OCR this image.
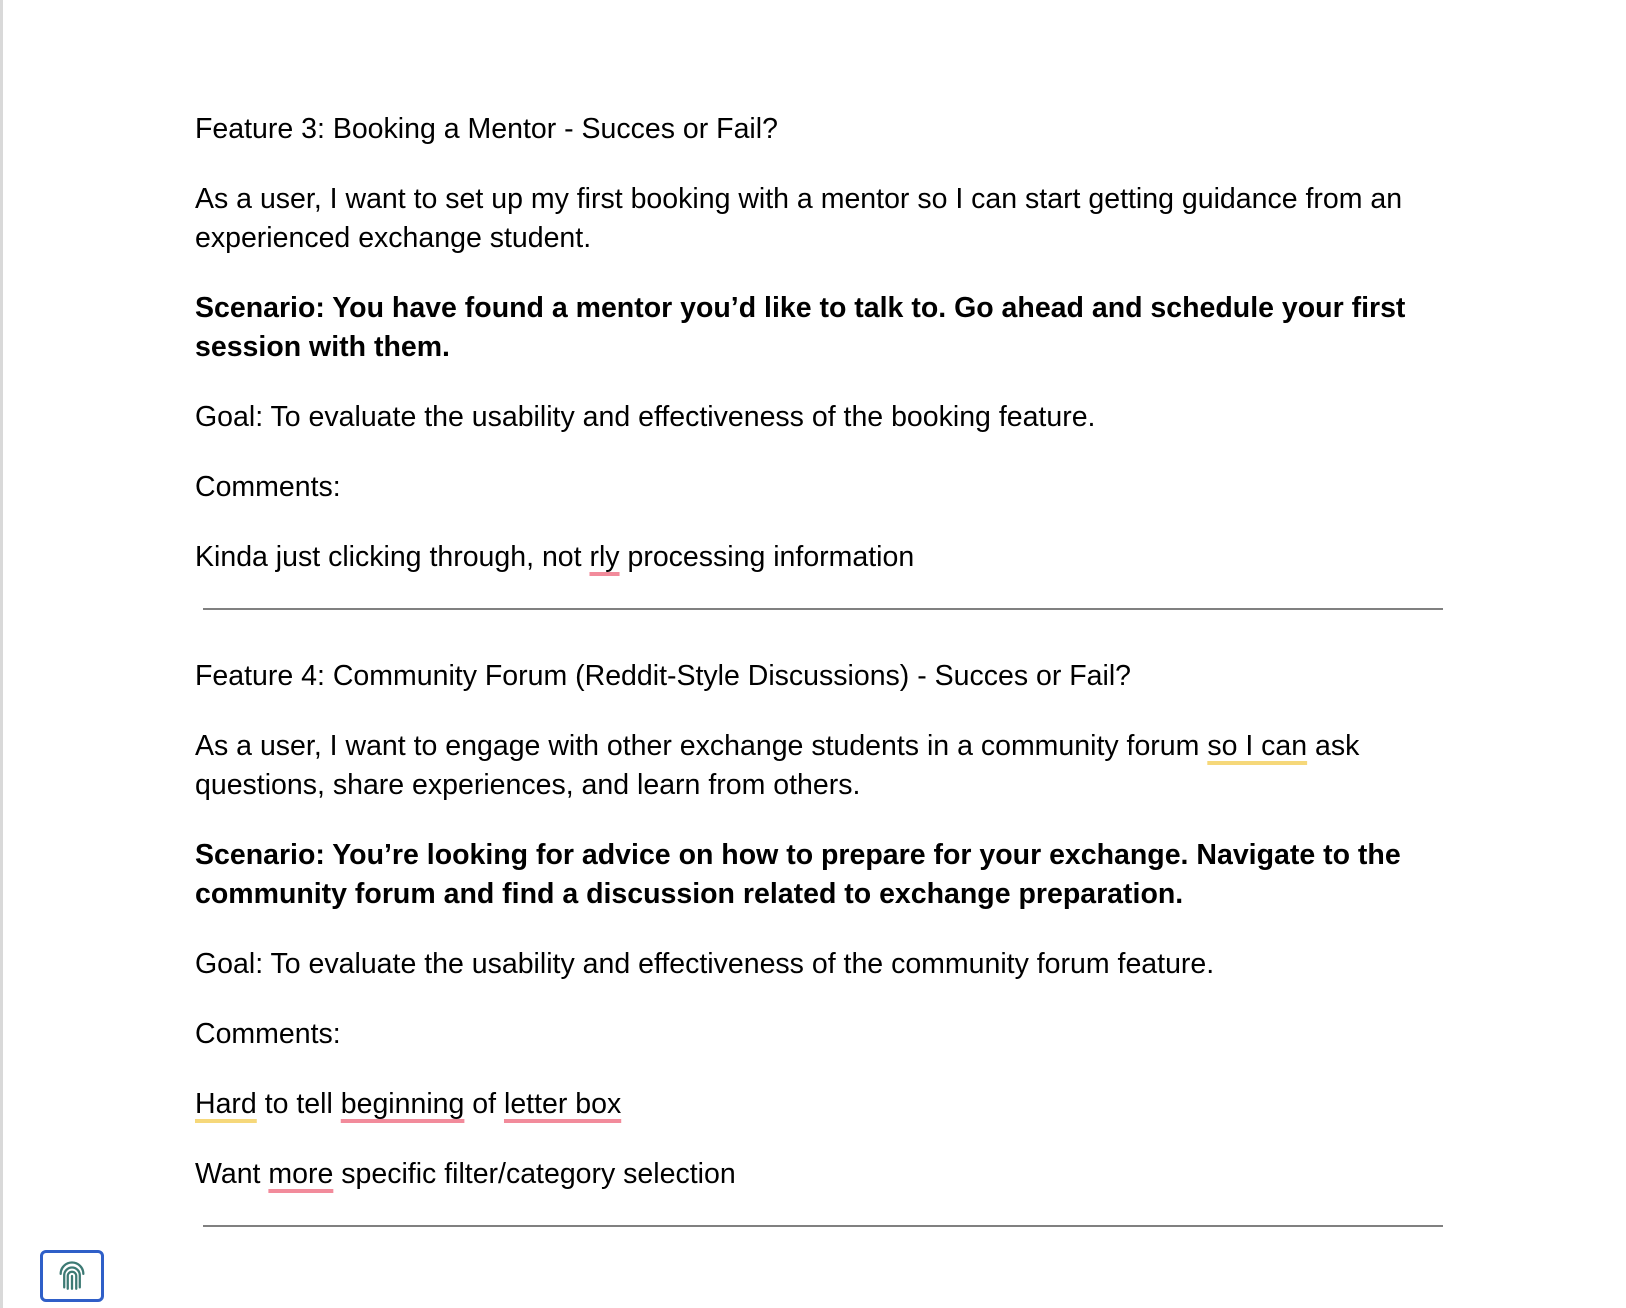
Feature 3: Booking a Mentor - Succes or Fail?

As a user, I want to set up my first booking with a mentor so I can start getting guidance from an experienced exchange student.

Scenario: You have found a mentor you’d like to talk to. Go ahead and schedule your first session with them.

Goal: To evaluate the usability and effectiveness of the booking feature.

Comments:

Kinda just clicking through, not rly processing information

Feature 4: Community Forum (Reddit-Style Discussions) - Succes or Fail?

As a user, I want to engage with other exchange students in a community forum so I can ask questions, share experiences, and learn from others.

Scenario: You’re looking for advice on how to prepare for your exchange. Navigate to the community forum and find a discussion related to exchange preparation.

Goal: To evaluate the usability and effectiveness of the community forum feature.

Comments:

Hard to tell beginning of letter box

Want more specific filter/category selection
